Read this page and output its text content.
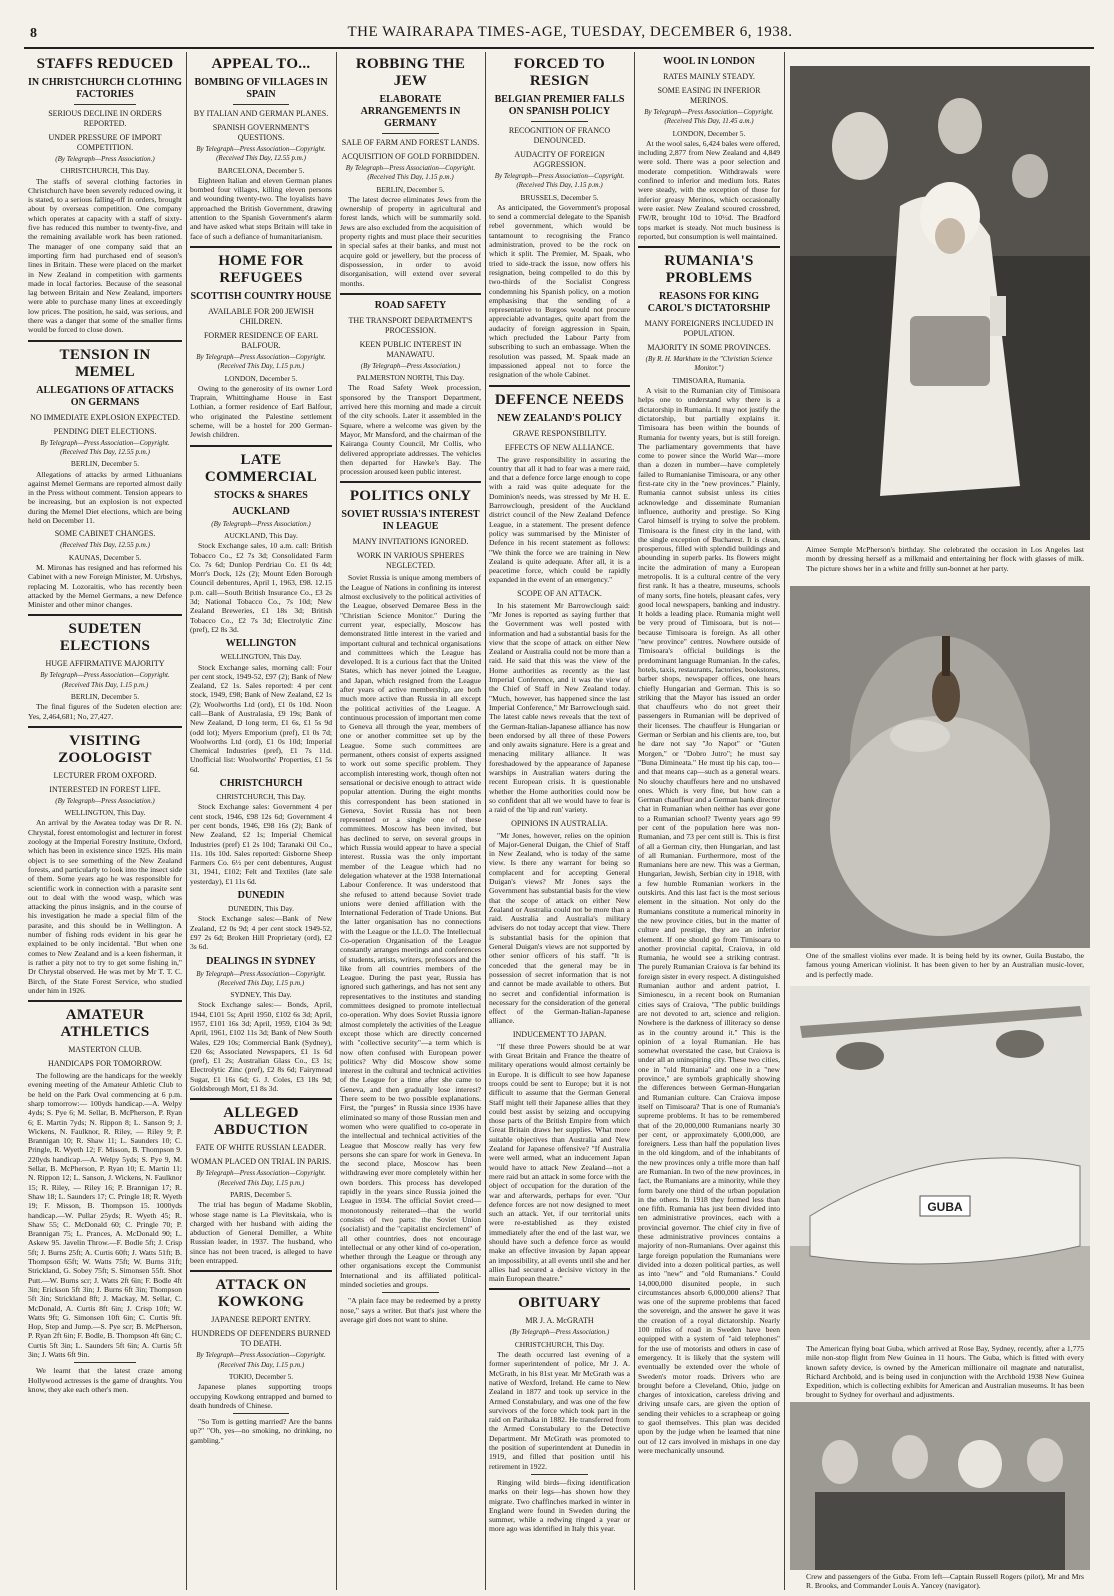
8	THE WAIRARAPA TIMES-AGE, TUESDAY, DECEMBER 6, 1938.
STAFFS REDUCED
IN CHRISTCHURCH CLOTHING FACTORIES
SERIOUS DECLINE IN ORDERS REPORTED.
UNDER PRESSURE OF IMPORT COMPETITION.
(By Telegraph—Press Association.)
CHRISTCHURCH, This Day.

The staffs of several clothing factories in Christchurch have been severely reduced owing, it is stated, to a serious falling-off in orders, brought about by overseas competition. One company which operates at capacity with a staff of sixty-five has reduced this number to twenty-five, and the remaining available work has been rationed. The manager of one company said that an importing firm had purchased end of season's lines in Britain. These were placed on the market in New Zealand in competition with garments made in local factories. Because of the seasonal lag between Britain and New Zealand, importers were able to purchase many lines at exceedingly low prices. The position, he said, was serious, and there was a danger that some of the smaller firms would be forced to close down.

TENSION IN MEMEL
ALLEGATIONS OF ATTACKS ON GERMANS
NO IMMEDIATE EXPLOSION EXPECTED.
PENDING DIET ELECTIONS.
By Telegraph—Press Association—Copyright. (Received This Day, 12.55 p.m.)
BERLIN, December 5.

Allegations of attacks by armed Lithuanians against Memel Germans are reported almost daily in the Press without comment. Tension appears to be increasing, but an explosion is not expected during the Memel Diet elections, which are being held on December 11.

SOME CABINET CHANGES.
(Received This Day, 12.55 p.m.)
KAUNAS, December 5.

M. Mironas has resigned and has reformed his Cabinet with a new Foreign Minister, M. Urbshys, replacing M. Lozoraitis, who has recently been attacked by the Memel Germans, a new Defence Minister and other minor changes.

SUDETEN ELECTIONS
HUGE AFFIRMATIVE MAJORITY
By Telegraph—Press Association—Copyright. (Received This Day, 1.15 p.m.)
BERLIN, December 5.

The final figures of the Sudeten election are: Yes, 2,464,681; No, 27,427.

VISITING ZOOLOGIST
LECTURER FROM OXFORD.
INTERESTED IN FOREST LIFE.
(By Telegraph—Press Association.)
WELLINGTON, This Day.

An arrival by the Awatea today was Dr R. N. Chrystal, forest entomologist and lecturer in forest zoology at the Imperial Forestry Institute, Oxford, which has been in existence since 1925. His main object is to see something of the New Zealand forests, and particularly to look into the insect side of them. Some years ago he was responsible for scientific work in connection with a parasite sent out to deal with the wood wasp, which was attacking the pinus insignis, and in the course of his investigation he made a special film of the parasite, and this should be in Wellington. A number of fishing rods evident in his gear he explained to be only incidental. "But when one comes to New Zealand and is a keen fisherman, it is rather a pity not to try to get some fishing in," Dr Chrystal observed. He was met by Mr T. T. C. Birch, of the State Forest Service, who studied under him in 1926.

AMATEUR ATHLETICS
MASTERTON CLUB.
HANDICAPS FOR TOMORROW.

The following are the handicaps for the weekly evening meeting of the Amateur Athletic Club to be held on the Park Oval commencing at 6 p.m. sharp tomorrow:— 100yds handicap.—A. Welpy 4yds; S. Pye 6; M. Sellar, B. McPherson, P. Ryan 6; E. Martin 7yds; N. Rippon 8; L. Sanson 9; J. Wickens, N. Faulknor, R. Riley, — Riley 9; P. Brannigan 10; R. Shaw 11; L. Saunders 10; C. Pringle, R. Wyeth 12; F. Misson, B. Thompson 9. 220yds handicap.—A. Welpy 5yds; S. Pye 9, M. Sellar, B. McPherson, P. Ryan 10; E. Martin 11; N. Rippon 12; L. Sanson, J. Wickens, N. Faulknor 15; R. Riley, — Riley 16; P. Brannigan 17; R. Shaw 18; L. Saunders 17; C. Pringle 18; R. Wyeth 19; F. Misson, B. Thompson 15. 1000yds handicap.—W. Pullar 25yds; R. Wyeth 45; R. Shaw 55; C. McDonald 60; C. Pringle 70; P. Brannigan 75; L. Prances, A. McDonald 90; L. Askew 95. Javelin Throw.—F. Bodle 5ft; J. Crisp 5ft; J. Burns 25ft; A. Curtis 60ft; J. Watts 51ft; B. Thompson 65ft; W. Watts 75ft; W. Burns 31ft; Strickland, G. Sobey 75ft; S. Simonsen 55ft. Shot Putt.—W. Burns scr; J. Watts 2ft 6in; F. Bodle 4ft 3in; Erickson 5ft 3in; J. Burns 6ft 3in; Thompson 5ft 3in; Strickland 8ft; J. Mackay, M. Sellar, C. McDonald, A. Curtis 8ft 6in; J. Crisp 10ft; W. Watts 9ft; G. Simonsen 10ft 6in; C. Curtis 9ft. Hop, Step and Jump.—S. Pye scr; B. McPherson, P. Ryan 2ft 6in; F. Bodle, B. Thompson 4ft 6in; C. Curtis 5ft 3in; L. Saunders 5ft 6in; A. Curtis 5ft 3in; J. Watts 6ft 9in.

We learnt that the latest craze among Hollywood actresses is the game of draughts. You know, they ake each other's men.

APPEAL TO...
BOMBING OF VILLAGES IN SPAIN
BY ITALIAN AND GERMAN PLANES.
SPANISH GOVERNMENT'S QUESTIONS.
By Telegraph—Press Association—Copyright. (Received This Day, 12.55 p.m.)
BARCELONA, December 5.

Eighteen Italian and eleven German planes bombed four villages, killing eleven persons and wounding twenty-two. The loyalists have approached the British Government, drawing attention to the Spanish Government's alarm and have asked what steps Britain will take in face of such a defiance of humanitarianism.

HOME FOR REFUGEES
SCOTTISH COUNTRY HOUSE
AVAILABLE FOR 200 JEWISH CHILDREN.
FORMER RESIDENCE OF EARL BALFOUR.
By Telegraph—Press Association—Copyright. (Received This Day, 1.15 p.m.)
LONDON, December 5.

Owing to the generosity of its owner Lord Traprain, Whittinghame House in East Lothian, a former residence of Earl Balfour, who originated the Palestine settlement scheme, will be a hostel for 200 German-Jewish children.

LATE COMMERCIAL
STOCKS & SHARES
AUCKLAND
(By Telegraph—Press Association.)
AUCKLAND, This Day.

Stock Exchange sales, 10 a.m. call: British Tobacco Co., £2 7s 3d; Consolidated Farm Co. 7s 6d; Dunlop Perdriau Co. £1 0s 4d; Morr's Dock, 12s (2); Mount Eden Borough Council debentures, April 1, 1963, £98. 12.15 p.m. call—South British Insurance Co., £3 2s 3d; National Tobacco Co., 7s 10d; New Zealand Breweries, £1 18s 3d; British Tobacco Co., £2 7s 3d; Electrolytic Zinc (pref), £2 8s 3d.

WELLINGTON
WELLINGTON, This Day.

Stock Exchange sales, morning call: Four per cent stock, 1949-52, £97 (2); Bank of New Zealand, £2 1s. Sales reported: 4 per cent stock, 1949, £98; Bank of New Zealand, £2 1s (2); Woolworths Ltd (ord), £1 0s 10d. Noon call—Bank of Australasia, £9 19s; Bank of New Zealand, D long term, £1 6s, £1 5s 9d (odd lot); Myers Emporium (pref), £1 0s 7d; Woolworths Ltd (ord), £1 0s 10d; Imperial Chemical Industries (pref), £1 7s 11d. Unofficial list: Woolworths' Properties, £1 5s 6d.

CHRISTCHURCH
CHRISTCHURCH, This Day.

Stock Exchange sales: Government 4 per cent stock, 1946, £98 12s 6d; Government 4 per cent bonds, 1946, £98 16s (2); Bank of New Zealand, £2 1s; Imperial Chemical Industries (pref) £1 2s 10d; Taranaki Oil Co., 11s. 10s 10d. Sales reported: Gisborne Sheep Farmers Co. 6½ per cent debentures, August 31, 1941, £102; Felt and Textiles (late sale yesterday), £1 11s 6d.

DUNEDIN
DUNEDIN, This Day.

Stock Exchange sales:—Bank of New Zealand, £2 0s 9d; 4 per cent stock 1949-52, £97 2s 6d; Broken Hill Proprietary (ord), £2 3s 6d.

DEALINGS IN SYDNEY
By Telegraph—Press Association—Copyright. (Received This Day, 1.15 p.m.)
SYDNEY, This Day.

Stock Exchange sales:— Bonds, April, 1944, £101 5s; April 1950, £102 6s 3d; April, 1957, £101 16s 3d; April, 1959, £104 3s 9d; April, 1961, £102 11s 3d; Bank of New South Wales, £29 10s; Commercial Bank (Sydney), £20 6s; Associated Newspapers, £1 1s 6d (pref), £1 2s; Australian Glass Co., £3 1s; Electrolytic Zinc (pref), £2 8s 6d; Fairymead Sugar, £1 16s 6d; G. J. Coles, £3 18s 9d; Goldsbrough Mort, £1 8s 3d.

ALLEGED ABDUCTION
FATE OF WHITE RUSSIAN LEADER.
WOMAN PLACED ON TRIAL IN PARIS.
By Telegraph—Press Association—Copyright. (Received This Day, 1.15 p.m.)
PARIS, December 5.

The trial has begun of Madame Skoblin, whose stage name is La Plevitskaia, who is charged with her husband with aiding the abduction of General Demiller, a White Russian leader, in 1937. The husband, who since has not been traced, is alleged to have been entrapped.

ATTACK ON KOWKONG
JAPANESE REPORT ENTRY.
HUNDREDS OF DEFENDERS BURNED TO DEATH.
By Telegraph—Press Association—Copyright. (Received This Day, 1.15 p.m.)
TOKIO, December 5.

Japanese planes supporting troops occupying Kowkong entrapped and burned to death hundreds of Chinese.

"So Tom is getting married? Are the banns up?" "Oh, yes—no smoking, no drinking, no gambling."

ROBBING THE JEW
ELABORATE ARRANGEMENTS IN GERMANY
SALE OF FARM AND FOREST LANDS.
ACQUISITION OF GOLD FORBIDDEN.
By Telegraph—Press Association—Copyright. (Received This Day, 1.15 p.m.)
BERLIN, December 5.

The latest decree eliminates Jews from the ownership of property in agricultural and forest lands, which will be summarily sold. Jews are also excluded from the acquisition of property rights and must place their securities in special safes at their banks, and must not acquire gold or jewellery, but the process of dispossession, in order to avoid disorganisation, will extend over several months.

ROAD SAFETY
THE TRANSPORT DEPARTMENT'S PROCESSION.
KEEN PUBLIC INTEREST IN MANAWATU.
(By Telegraph—Press Association.)
PALMERSTON NORTH, This Day.

The Road Safety Week procession, sponsored by the Transport Department, arrived here this morning and made a circuit of the city schools. Later it assembled in the Square, where a welcome was given by the Mayor, Mr Mansford, and the chairman of the Kairanga County Council, Mr Collis, who delivered appropriate addresses. The vehicles then departed for Hawke's Bay. The procession aroused keen public interest.

POLITICS ONLY
SOVIET RUSSIA'S INTEREST IN LEAGUE
MANY INVITATIONS IGNORED.
WORK IN VARIOUS SPHERES NEGLECTED.

Soviet Russia is unique among members of the League of Nations in confining its interest almost exclusively to the political activities of the League, observed Demaree Bess in the "Christian Science Monitor." During the current year, especially, Moscow has demonstrated little interest in the varied and important cultural and technical organisations and committees which the League has developed. It is a curious fact that the United States, which has never joined the League, and Japan, which resigned from the League after years of active membership, are both much more active than Russia in all except the political activities of the League. A continuous procession of important men come to Geneva all through the year, members of one or another committee set up by the League. Some such committees are permanent, others consist of experts assigned to work out some specific problem. They accomplish interesting work, though often not sensational or decisive enough to attract wide popular attention. During the eight months this correspondent has been stationed in Geneva, Soviet Russia has not been represented or a single one of these committees. Moscow has been invited, but has declined to serve, on several groups in which Russia would appear to have a special interest. Russia was the only important member of the League which had no delegation whatever at the 1938 International Labour Conference. It was understood that she refused to attend because Soviet trade unions were denied affiliation with the International Federation of Trade Unions. But the latter organisation has no connections with the League or the I.L.O. The Intellectual Co-operation Organisation of the League constantly arranges meetings and conferences of students, artists, writers, professors and the like from all countries members of the League. During the past year, Russia has ignored such gatherings, and has not sent any representatives to the institutes and standing committees designed to promote intellectual co-operation. Why does Soviet Russia ignore almost completely the activities of the League except those which are directly concerned with "collective security"—a term which is now often confused with European power politics? Why did Moscow show some interest in the cultural and technical activities of the League for a time after she came to Geneva, and then gradually lose interest? There seem to be two possible explanations. First, the "purges" in Russia since 1936 have eliminated so many of those Russian men and women who were qualified to co-operate in the intellectual and technical activities of the League that Moscow really has very few persons she can spare for work in Geneva. In the second place, Moscow has been withdrawing ever more completely within her own borders. This process has developed rapidly in the years since Russia joined the League in 1934. The official Soviet creed—monotonously reiterated—that the world consists of two parts: the Soviet Union (socialist) and the "capitalist encirclement" of all other countries, does not encourage intellectual or any other kind of co-operation, whether through the League or through any other organisations except the Communist International and its affiliated political-minded societies and groups.

"A plain face may be redeemed by a pretty nose," says a writer. But that's just where the average girl does not want to shine.

FORCED TO RESIGN
BELGIAN PREMIER FALLS ON SPANISH POLICY
RECOGNITION OF FRANCO DENOUNCED.
AUDACITY OF FOREIGN AGGRESSION.
By Telegraph—Press Association—Copyright. (Received This Day, 1.15 p.m.)
BRUSSELS, December 5.

As anticipated, the Government's proposal to send a commercial delegate to the Spanish rebel government, which would be tantamount to recognising the Franco administration, proved to be the rock on which it split. The Premier, M. Spaak, who tried to side-track the issue, now offers his resignation, being compelled to do this by two-thirds of the Socialist Congress condemning his Spanish policy, on a motion emphasising that the sending of a representative to Burgos would not procure appreciable advantages, quite apart from the audacity of foreign aggression in Spain, which precluded the Labour Party from subscribing to such an embassage. When the resolution was passed, M. Spaak made an impassioned appeal not to force the resignation of the whole Cabinet.

DEFENCE NEEDS
NEW ZEALAND'S POLICY
GRAVE RESPONSIBILITY.
EFFECTS OF NEW ALLIANCE.

The grave responsibility in assuring the country that all it had to fear was a mere raid, and that a defence force large enough to cope with a raid was quite adequate for the Dominion's needs, was stressed by Mr H. E. Barrowclough, president of the Auckland district council of the New Zealand Defence League, in a statement. The present defence policy was summarised by the Minister of Defence in his recent statement as follows: "We think the force we are training in New Zealand is quite adequate. After all, it is a peacetime force, which could be rapidly expanded in the event of an emergency."

SCOPE OF AN ATTACK.

In his statement Mr Barrowclough said: "Mr Jones is reported as saying further that the Government was well posted with information and had a substantial basis for the view that the scope of attack on either New Zealand or Australia could not be more than a raid. He said that this was the view of the Home authorities as recently as the last Imperial Conference, and it was the view of the Chief of Staff in New Zealand today. "Much, however, has happened since the last Imperial Conference," Mr Barrowclough said. The latest cable news reveals that the text of the German-Italian-Japanese alliance has now been endorsed by all three of these Powers and only awaits signature. Here is a great and menacing military alliance. It was foreshadowed by the appearance of Japanese warships in Australian waters during the recent European crisis. It is questionable whether the Home authorities could now be so confident that all we would have to fear is a raid of the 'tip and run' variety.

OPINIONS IN AUSTRALIA.

"Mr Jones, however, relies on the opinion of Major-General Duigan, the Chief of Staff in New Zealand, who is today of the same view. Is there any warrant for being so complacent and for accepting General Duigan's views? Mr Jones says the Government has substantial basis for the view that the scope of attack on either New Zealand or Australia could not be more than a raid. Australia and Australia's military advisers do not today accept that view. There is substantial basis for the opinion that General Duigan's views are not supported by other senior officers of his staff. "It is conceded that the general may be in possession of secret information that is not and cannot be made available to others. But no secret and confidential information is necessary for the consideration of the general effect of the German-Italian-Japanese alliance.

INDUCEMENT TO JAPAN.

"If these three Powers should be at war with Great Britain and France the theatre of military operations would almost certainly be in Europe. It is difficult to see how Japanese troops could be sent to Europe; but it is not difficult to assume that the German General Staff might tell their Japanese allies that they could best assist by seizing and occupying those parts of the British Empire from which Great Britain draws her supplies. What more suitable objectives than Australia and New Zealand for Japanese offensive? "If Australia were well armed, what an inducement Japan would have to attack New Zealand—not a mere raid but an attack in some force with the object of occupation for the duration of the war and afterwards, perhaps for ever. "Our defence forces are not now designed to meet such an attack. Yet, if our territorial units were re-established as they existed immediately after the end of the last war, we should have such a defence force as would make an effective invasion by Japan appear an impossibility, at all events until she and her allies had secured a decisive victory in the main European theatre."

OBITUARY
MR J. A. McGRATH
(By Telegraph—Press Association.)
CHRISTCHURCH, This Day.

The death occurred last evening of a former superintendent of police, Mr J. A. McGrath, in his 81st year. Mr McGrath was a native of Wexford, Ireland. He came to New Zealand in 1877 and took up service in the Armed Constabulary, and was one of the few survivors of the force which took part in the raid on Parihaka in 1882. He transferred from the Armed Constabulary to the Detective Department. Mr McGrath was promoted to the position of superintendent at Dunedin in 1919, and filled that position until his retirement in 1922.

Ringing wild birds—fixing identification marks on their legs—has shown how they migrate. Two chaffinches marked in winter in England were found in Sweden during the summer, while a redwing ringed a year or more ago was identified in Italy this year.

WOOL IN LONDON
RATES MAINLY STEADY.
SOME EASING IN INFERIOR MERINOS.
By Telegraph—Press Association—Copyright. (Received This Day, 11.45 a.m.)
LONDON, December 5.

At the wool sales, 6,424 bales were offered, including 2,877 from New Zealand and 4,849 were sold. There was a poor selection and moderate competition. Withdrawals were confined to inferior and medium lots. Rates were steady, with the exception of those for inferior greasy Merinos, which occasionally were easier. New Zealand scoured crossbred, FW/R, brought 10d to 10½d. The Bradford tops market is steady. Not much business is reported, but consumption is well maintained.

RUMANIA'S PROBLEMS
REASONS FOR KING CAROL'S DICTATORSHIP
MANY FOREIGNERS INCLUDED IN POPULATION.
MAJORITY IN SOME PROVINCES.
(By R. H. Markham in the "Christian Science Monitor.")
TIMISOARA, Rumania.

A visit to the Rumanian city of Timisoara helps one to understand why there is a dictatorship in Rumania. It may not justify the dictatorship, but partially explains it. Timisoara has been within the bounds of Rumania for twenty years, but is still foreign. The parliamentary governments that have come to power since the World War—more than a dozen in number—have completely failed to Rumanianise Timisoara, or any other first-rate city in the "new provinces." Plainly, Rumania cannot subsist unless its cities acknowledge and disseminate Rumanian influence, authority and prestige. So King Carol himself is trying to solve the problem. Timisoara is the finest city in the land, with the single exception of Bucharest. It is clean, prosperous, filled with splendid buildings and abounding in superb parks. Its flowers might incite the admiration of many a European metropolis. It is a cultural centre of the very first rank. It has a theatre, museums, schools of many sorts, fine hotels, pleasant cafes, very good local newspapers, banking and industry. It holds a leading place. Rumania might well be very proud of Timisoara, but is not—because Timisoara is foreign. As all other "new province" centres. Nowhere outside of Timisoara's official buildings is the predominant language Rumanian. In the cafes, hotels, taxis, restaurants, factories, bookstores, barber shops, newspaper offices, one hears chiefly Hungarian and German. This is so striking that the Mayor has issued an order that chauffeurs who do not greet their passengers in Rumanian will be deprived of their licenses. The chauffeur is Hungarian or German or Serbian and his clients are, too, but he dare not say "Jo Napot" or "Guten Morgen," or "Dobro Jutro"; he must say "Buna Dimineata." He must tip his cap, too—and that means cap—such as a general wears. No slouchy chauffeurs here and no unshaved ones. Which is very fine, but how can a German chauffeur and a German bank director chat in Rumanian when neither has ever gone to a Rumanian school? Twenty years ago 99 per cent of the population here was non-Rumanian, and 73 per cent still is. This is first of all a German city, then Hungarian, and last of all Rumanian. Furthermore, most of the Rumanians here are new. This was a German, Hungarian, Jewish, Serbian city in 1918, with a few humble Rumanian workers in the outskirts. And this last fact is the most serious element in the situation. Not only do the Rumanians constitute a numerical minority in the new province cities, but in the matter of culture and prestige, they are an inferior element. If one should go from Timisoara to another provincial capital, Craiova, in old Rumania, he would see a striking contrast. The purely Rumanian Craiova is far behind its foreign sister in every respect. A distinguished Rumanian author and ardent patriot, I. Simionescu, in a recent book on Rumanian cities says of Craiova, "The public buildings are not devoted to art, science and religion. Nowhere is the darkness of illiteracy so dense as in the country around it." This is the opinion of a loyal Rumanian. He has somewhat overstated the case, but Craiova is under all an uninspiring city. These two cities, one in "old Rumania" and one in a "new province," are symbols graphically showing the differences between German-Hungarian and Rumanian culture. Can Craiova impose itself on Timisoara? That is one of Rumania's supreme problems. It has to be remembered that of the 20,000,000 Rumanians nearly 30 per cent, or approximately 6,000,000, are foreigners. Less than half the population lives in the old kingdom, and of the inhabitants of the new provinces only a trifle more than half are Rumanian. In two of the new provinces, in fact, the Rumanians are a minority, while they form barely one third of the urban population in the others. In 1918 they formed less than one fifth. Rumania has just been divided into ten administrative provinces, each with a provincial governor. The chief city in five of these administrative provinces contains a majority of non-Rumanians. Over against this large foreign population the Rumanians were divided into a dozen political parties, as well as into "new" and "old Rumanians." Could 14,000,000 disunited people, in such circumstances absorb 6,000,000 aliens? That was one of the supreme problems that faced the sovereign, and the answer he gave it was the creation of a royal dictatorship. Nearly 100 miles of road in Sweden have been equipped with a system of "aid telephones" for the use of motorists and others in case of emergency. It is likely that the system will eventually be extended over the whole of Sweden's motor roads. Drivers who are brought before a Cleveland, Ohio, judge on charges of intoxication, careless driving and driving unsafe cars, are given the option of sending their vehicles to a scrapheap or going to gaol themselves. This plan was decided upon by the judge when he learned that nine out of 12 cars involved in mishaps in one day were mechanically unsound.

Aimee Semple McPherson's birthday. She celebrated the occasion in Los Angeles last month by dressing herself as a milkmaid and entertaining her flock with glasses of milk. The picture shows her in a white and frilly sun-bonnet at her party.
One of the smallest violins ever made. It is being held by its owner, Guila Bustabo, the famous young American violinist. It has been given to her by an Australian music-lover, and is perfectly made.
GUBA
The American flying boat Guba, which arrived at Rose Bay, Sydney, recently, after a 1,775 mile non-stop flight from New Guinea in 11 hours. The Guba, which is fitted with every known safety device, is owned by the American millionaire oil magnate and naturalist, Richard Archbold, and is being used in conjunction with the Archbold 1938 New Guinea Expedition, which is collecting exhibits for American and Australian museums. It has been brought to Sydney for overhaul and adjustments.
Crew and passengers of the Guba. From left—Captain Russell Rogers (pilot), Mr and Mrs R. Brooks, and Commander Louis A. Yancey (navigator).
